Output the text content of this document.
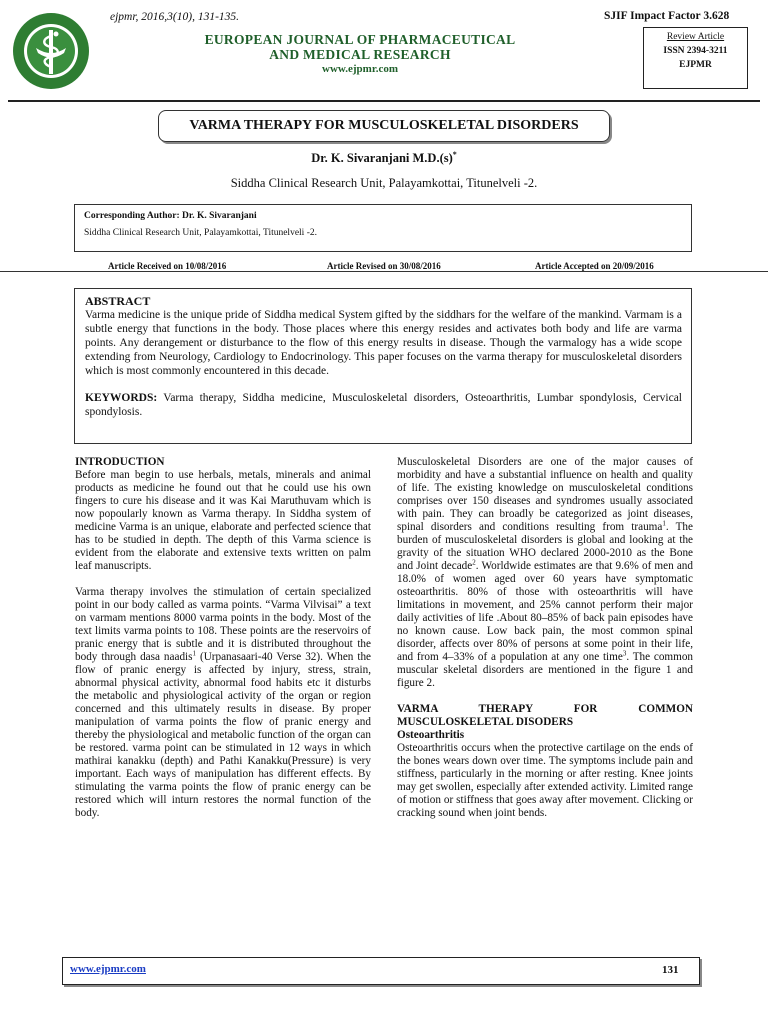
ejpmr, 2016,3(10), 131-135.	SJIF Impact Factor 3.628
EUROPEAN JOURNAL OF PHARMACEUTICAL
AND MEDICAL RESEARCH
www.ejpmr.com
Review Article
ISSN 2394-3211
EJPMR
VARMA THERAPY FOR MUSCULOSKELETAL DISORDERS
Dr. K. Sivaranjani M.D.(s)*
Siddha Clinical Research Unit, Palayamkottai, Titunelveli -2.
Corresponding Author: Dr. K. Sivaranjani
Siddha Clinical Research Unit, Palayamkottai, Titunelveli -2.
Article Received on 10/08/2016	Article Revised on 30/08/2016	Article Accepted on 20/09/2016
ABSTRACT
Varma medicine is the unique pride of Siddha medical System gifted by the siddhars for the welfare of the mankind. Varmam is a subtle energy that functions in the body. Those places where this energy resides and activates both body and life are varma points. Any derangement or disturbance to the flow of this energy results in disease. Though the varmalogy has a wide scope extending from Neurology, Cardiology to Endocrinology. This paper focuses on the varma therapy for musculoskeletal disorders which is most commonly encountered in this decade.
KEYWORDS: Varma therapy, Siddha medicine, Musculoskeletal disorders, Osteoarthritis, Lumbar spondylosis, Cervical spondylosis.

INTRODUCTION

Before man begin to use herbals, metals, minerals and animal products as medicine he found out that he could use his own fingers to cure his disease and it was Kai Maruthuvam which is now popoularly known as Varma therapy. In Siddha system of medicine Varma is an unique, elaborate and perfected science that has to be studied in depth. The depth of this Varma science is evident from the elaborate and extensive texts written on palm leaf manuscripts.

Varma therapy involves the stimulation of certain specialized point in our body called as varma points. “Varma Vilvisai” a text on varmam mentions 8000 varma points in the body. Most of the text limits varma points to 108. These points are the reservoirs of pranic energy that is subtle and it is distributed throughout the body through dasa naadis$^1$ (Urpanasaari-40 Verse 32). When the flow of pranic energy is affected by injury, stress, strain, abnormal physical activity, abnormal food habits etc it disturbs the metabolic and physiological activity of the organ or region concerned and this ultimately results in disease. By proper manipulation of varma points the flow of pranic energy and thereby the physiological and metabolic function of the organ can be restored. varma point can be stimulated in 12 ways in which mathirai kanakku (depth) and Pathi Kanakku(Pressure) is very important. Each ways of manipulation has different effects. By stimulating the varma points the flow of pranic energy can be restored which will inturn restores the normal function of the body.

Musculoskeletal Disorders are one of the major causes of morbidity and have a substantial influence on health and quality of life. The existing knowledge on musculoskeletal conditions comprises over 150 diseases and syndromes usually associated with pain. They can broadly be categorized as joint diseases, spinal disorders and conditions resulting from trauma$^1$. The burden of musculoskeletal disorders is global and looking at the gravity of the situation WHO declared 2000-2010 as the Bone and Joint decade$^2$. Worldwide estimates are that 9.6% of men and 18.0% of women aged over 60 years have symptomatic osteoarthritis. 80% of those with osteoarthritis will have limitations in movement, and 25% cannot perform their major daily activities of life .About 80–85% of back pain episodes have no known cause. Low back pain, the most common spinal disorder, affects over 80% of persons at some point in their life, and from 4–33% of a population at any one time$^3$. The common muscular skeletal disorders are mentioned in the figure 1 and figure 2.

VARMA THERAPY FOR COMMON MUSCULOSKELETAL DISODERS

Osteoarthritis

Osteoarthritis occurs when the protective cartilage on the ends of the bones wears down over time. The symptoms include pain and stiffness, particularly in the morning or after resting. Knee joints may get swollen, especially after extended activity. Limited range of motion or stiffness that goes away after movement. Clicking or cracking sound when joint bends.

www.ejpmr.com	131
